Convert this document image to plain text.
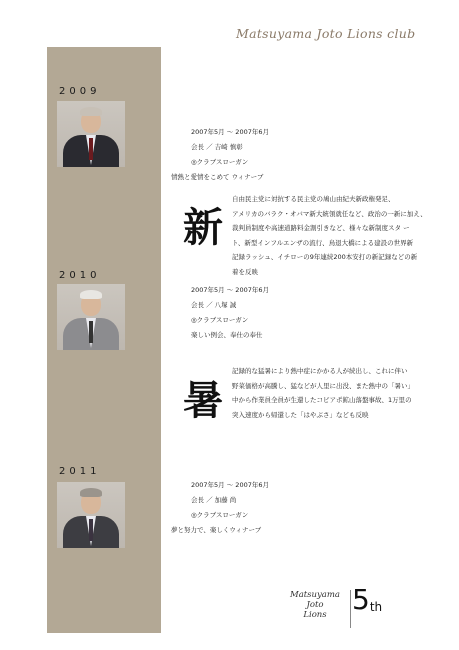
Matsuyama Joto Lions club
2009
2007年5月 ～ 2007年6月
会長 ／ 吉崎 慎彰
◎クラブスローガン
情熱と愛情をこめて ウィナーブ
新
自由民主党に対抗する民主党の鳩山由紀夫新政権発足、
アメリカのバラク・オバマ新大統領就任など、政治の一新に加え、
裁判員制度や高速道路料金割引きなど、様々な新制度スタ ー
ト、新型インフルエンザの流行、鳥退大橋による建設の世界新
記録ラッシュ、イチローの9年連続200本安打の新記録などの新
着を反映
2010
2007年5月 ～ 2007年6月
会長 ／ 八塚 誠
◎クラブスローガン
楽しい例会、奉仕の奉仕
暑
記録的な猛暑により熱中症にかかる人が続出し、これに伴い
野菜価格が高騰し、猛などが人里に出没、また熱中の「暑い」
中から作業員全員が生還したコピアポ鉱山落盤事故、1万里の
突入速度から帰還した「はやぶさ」なども反映
2011
2007年5月 ～ 2007年6月
会長 ／ 加藤 尚
◎クラブスローガン
夢と努力で、楽しくウィナーブ
Matsuyama
Joto
Lions $5_{th}$
